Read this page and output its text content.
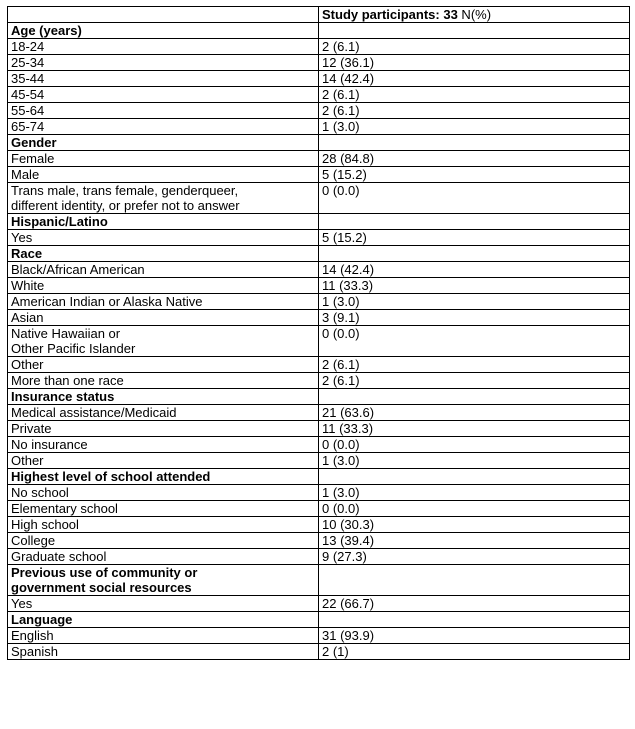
	Study participants: 33 N(%)
Age (years)	
18-24	2 (6.1)
25-34	12 (36.1)
35-44	14 (42.4)
45-54	2 (6.1)
55-64	2 (6.1)
65-74	1 (3.0)
Gender	
Female	28 (84.8)
Male	5 (15.2)
Trans male, trans female, genderqueer,
different identity, or prefer not to answer	0 (0.0)
Hispanic/Latino	
Yes	5 (15.2)
Race	
Black/African American	14 (42.4)
White	11 (33.3)
American Indian or Alaska Native	1 (3.0)
Asian	3 (9.1)
Native Hawaiian or
Other Pacific Islander	0 (0.0)
Other	2 (6.1)
More than one race	2 (6.1)
Insurance status	
Medical assistance/Medicaid	21 (63.6)
Private	11 (33.3)
No insurance	0 (0.0)
Other	1 (3.0)
Highest level of school attended	
No school	1 (3.0)
Elementary school	0 (0.0)
High school	10 (30.3)
College	13 (39.4)
Graduate school	9 (27.3)
Previous use of community or
government social resources	
Yes	22 (66.7)
Language	
English	31 (93.9)
Spanish	2 (1)
